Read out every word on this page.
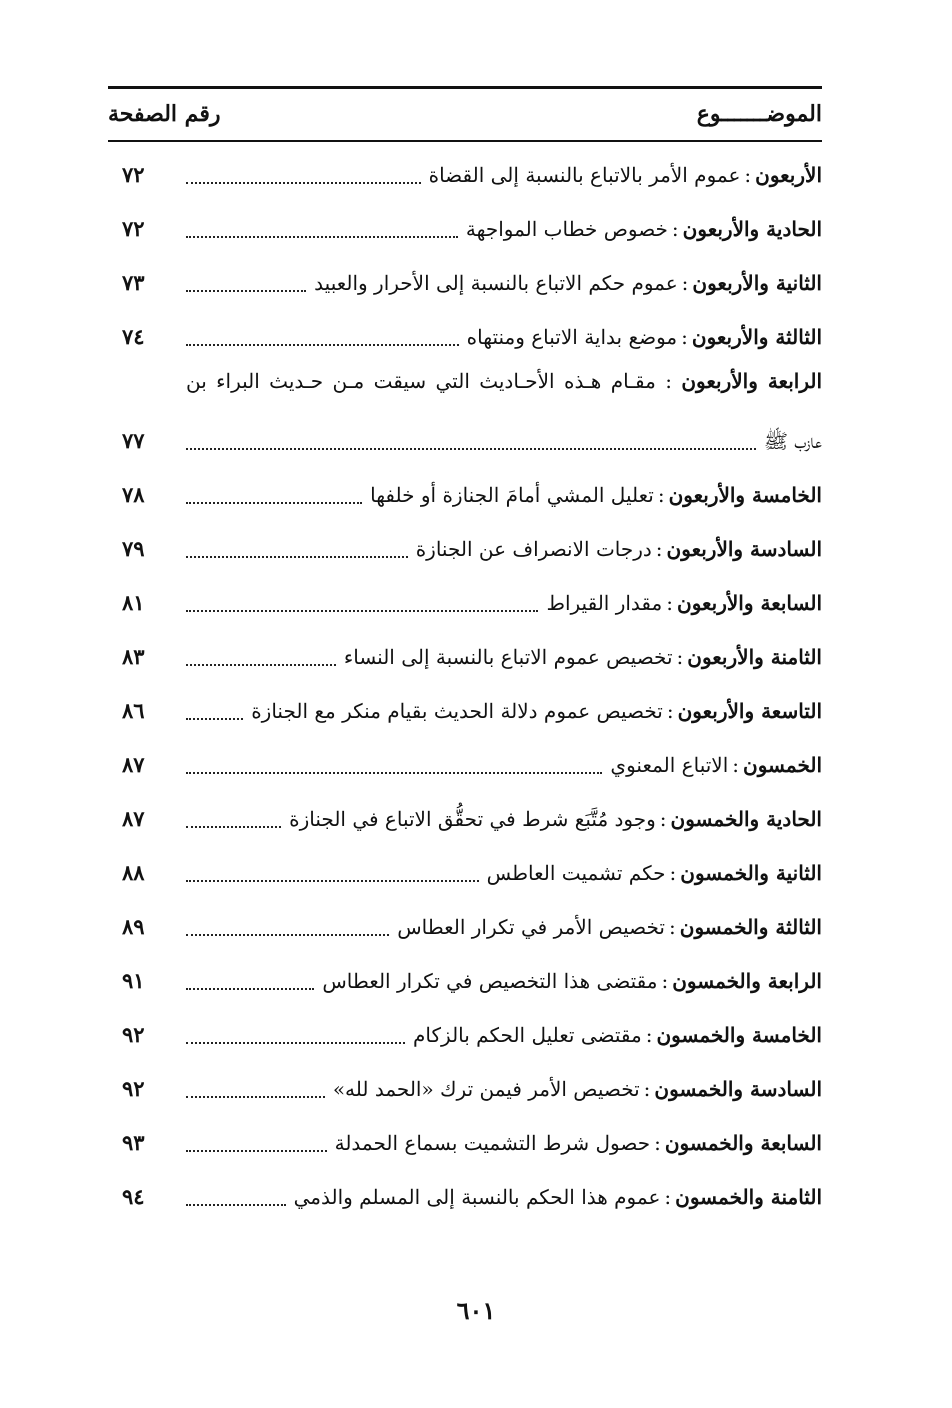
الموضـــــــوع
رقم الصفحة
الأربعون
:
عموم الأمر بالاتباع بالنسبة إلى القضاة
٧٢
الحادية والأربعون
:
خصوص خطاب المواجهة
٧٢
الثانية والأربعون
:
عموم حكم الاتباع بالنسبة إلى الأحرار والعبيد
٧٣
الثالثة والأربعون
:
موضع بداية الاتباع ومنتهاه
٧٤
الرابعة والأربعون : مقـام هـذه الأحـاديث التي سيقت مـن حـديث البراء بن
عازب ﷺ
٧٧
الخامسة والأربعون
:
تعليل المشي أمامَ الجنازة أو خلفها
٧٨
السادسة والأربعون
:
درجات الانصراف عن الجنازة
٧٩
السابعة والأربعون
:
مقدار القيراط
٨١
الثامنة والأربعون
:
تخصيص عموم الاتباع بالنسبة إلى النساء
٨٣
التاسعة والأربعون
:
تخصيص عموم دلالة الحديث بقيام منكر مع الجنازة
٨٦
الخمسون
:
الاتباع المعنوي
٨٧
الحادية والخمسون
:
وجود مُتَّبَع شرط في تحقُّق الاتباع في الجنازة
٨٧
الثانية والخمسون
:
حكم تشميت العاطس
٨٨
الثالثة والخمسون
:
تخصيص الأمر في تكرار العطاس
٨٩
الرابعة والخمسون
:
مقتضى هذا التخصيص في تكرار العطاس
٩١
الخامسة والخمسون
:
مقتضى تعليل الحكم بالزكام
٩٢
السادسة والخمسون
:
تخصيص الأمر فيمن ترك «الحمد لله»
٩٢
السابعة والخمسون
:
حصول شرط التشميت بسماع الحمدلة
٩٣
الثامنة والخمسون
:
عموم هذا الحكم بالنسبة إلى المسلم والذمي
٩٤
٦٠١
